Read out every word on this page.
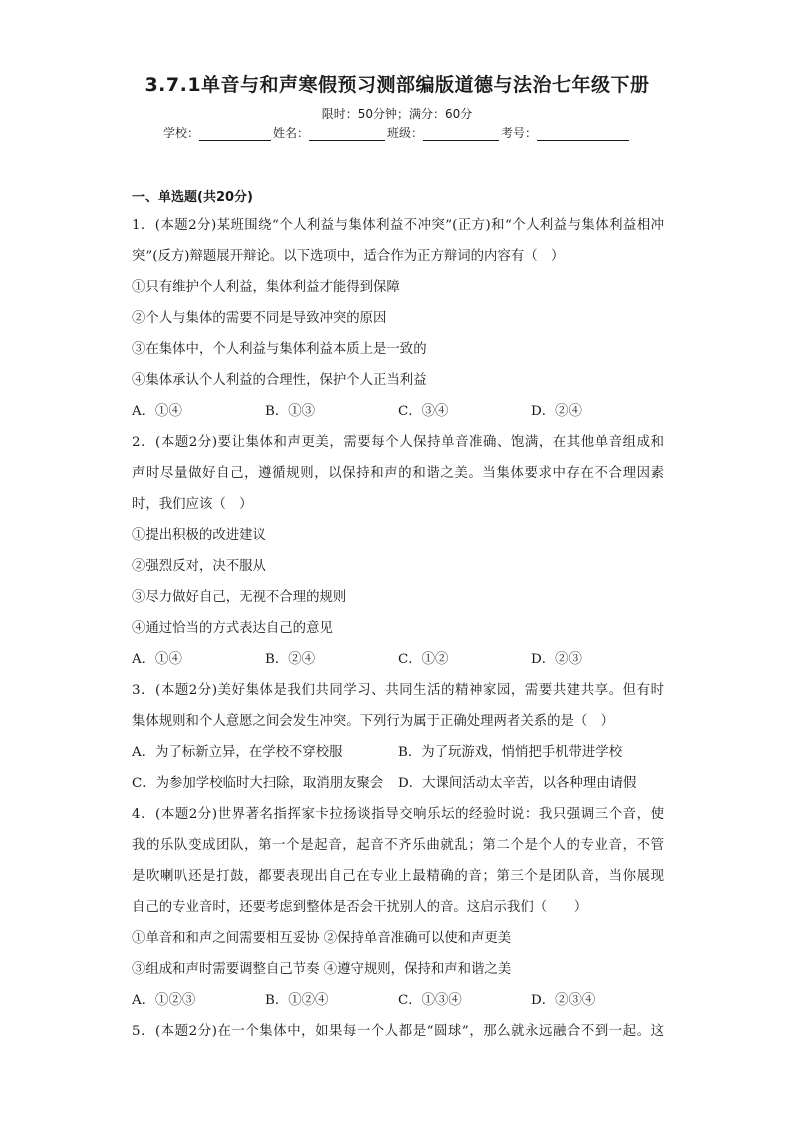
3.7.1单音与和声寒假预习测部编版道德与法治七年级下册
限时：50分钟；满分：60分
学校：	姓名：	班级：	考号：
一、单选题(共20分)
1．(本题2分)某班围绕“个人利益与集体利益不冲突”(正方)和“个人利益与集体利益相冲
突”(反方)辩题展开辩论。以下选项中，适合作为正方辩词的内容有（　）
①只有维护个人利益，集体利益才能得到保障
②个人与集体的需要不同是导致冲突的原因
③在集体中，个人利益与集体利益本质上是一致的
④集体承认个人利益的合理性，保护个人正当利益
A．①④	B．①③	C．③④	D．②④
2．(本题2分)要让集体和声更美，需要每个人保持单音准确、饱满，在其他单音组成和
声时尽量做好自己，遵循规则，以保持和声的和谐之美。当集体要求中存在不合理因素
时，我们应该（　）
①提出积极的改进建议
②强烈反对，决不服从
③尽力做好自己，无视不合理的规则
④通过恰当的方式表达自己的意见
A．①④	B．②④	C．①②	D．②③
3．(本题2分)美好集体是我们共同学习、共同生活的精神家园，需要共建共享。但有时
集体规则和个人意愿之间会发生冲突。下列行为属于正确处理两者关系的是（　）
A．为了标新立异，在学校不穿校服	B．为了玩游戏，悄悄把手机带进学校
C．为参加学校临时大扫除，取消朋友聚会	D．大课间活动太辛苦，以各种理由请假
4．(本题2分)世界著名指挥家卡拉扬谈指导交响乐坛的经验时说：我只强调三个音，使
我的乐队变成团队，第一个是起音，起音不齐乐曲就乱；第二个是个人的专业音，不管
是吹喇叭还是打鼓，都要表现出自己在专业上最精确的音；第三个是团队音，当你展现
自己的专业音时，还要考虑到整体是否会干扰别人的音。这启示我们（　　）
①单音和和声之间需要相互妥协 ②保持单音准确可以使和声更美
③组成和声时需要调整自己节奏 ④遵守规则，保持和声和谐之美
A．①②③	B．①②④	C．①③④	D．②③④
5．(本题2分)在一个集体中，如果每一个人都是“圆球”，那么就永远融合不到一起。这
